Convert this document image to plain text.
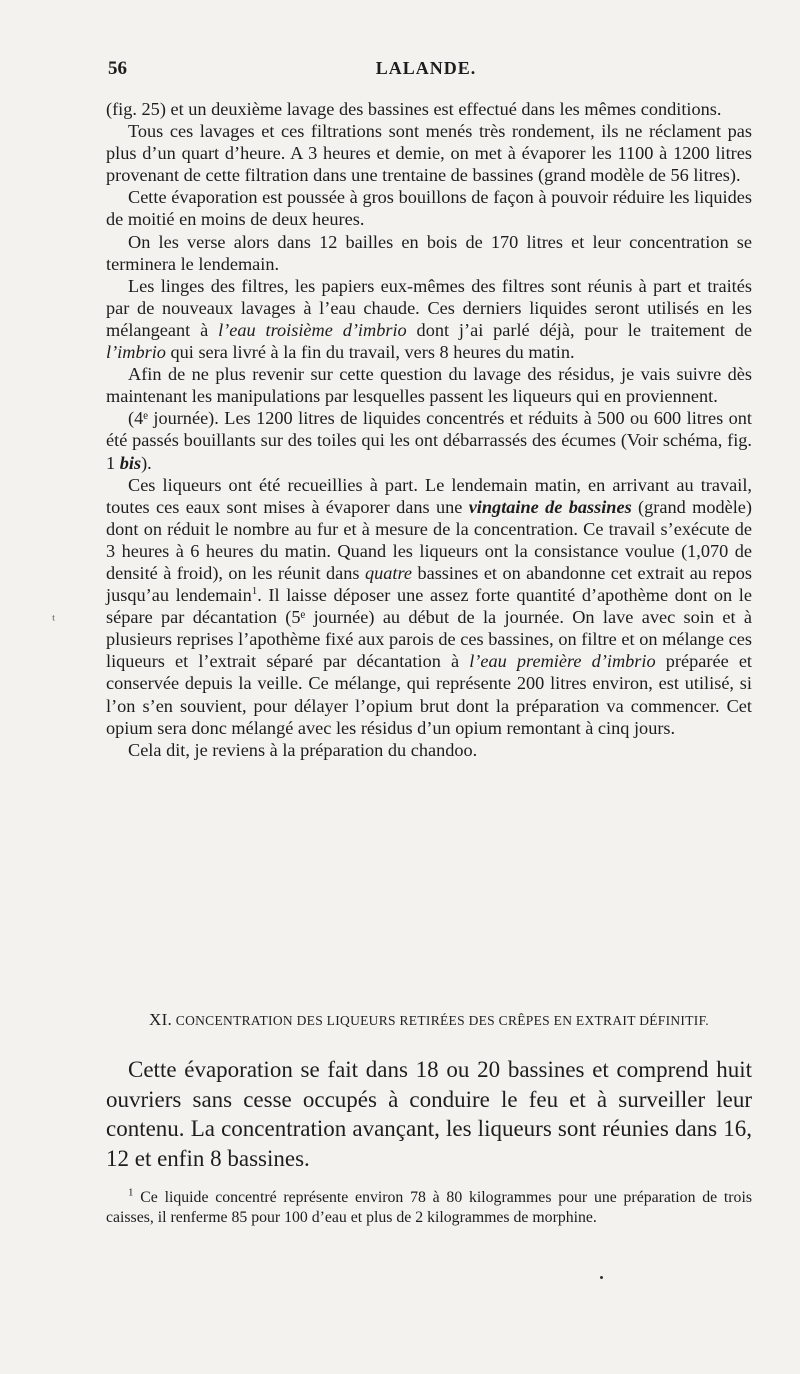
56	LALANDE.
ᵗ

(fig. 25) et un deuxième lavage des bassines est effectué dans les mêmes conditions.

Tous ces lavages et ces filtrations sont menés très rondement, ils ne réclament pas plus d’un quart d’heure. A 3 heures et demie, on met à évaporer les 1100 à 1200 litres provenant de cette filtration dans une trentaine de bassines (grand modèle de 56 litres).

Cette évaporation est poussée à gros bouillons de façon à pouvoir réduire les liquides de moitié en moins de deux heures.

On les verse alors dans 12 bailles en bois de 170 litres et leur concentration se terminera le lendemain.

Les linges des filtres, les papiers eux-mêmes des filtres sont réunis à part et traités par de nouveaux lavages à l’eau chaude. Ces derniers liquides seront utilisés en les mélangeant à l’eau troisième d’imbrio dont j’ai parlé déjà, pour le traitement de l’imbrio qui sera livré à la fin du travail, vers 8 heures du matin.

Afin de ne plus revenir sur cette question du lavage des résidus, je vais suivre dès maintenant les manipulations par lesquelles passent les liqueurs qui en proviennent.

(4ᵉ journée). Les 1200 litres de liquides concentrés et réduits à 500 ou 600 litres ont été passés bouillants sur des toiles qui les ont débarrassés des écumes (Voir schéma, fig. 1 bis).

Ces liqueurs ont été recueillies à part. Le lendemain matin, en arrivant au travail, toutes ces eaux sont mises à évaporer dans une vingtaine de bassines (grand modèle) dont on réduit le nombre au fur et à mesure de la concentration. Ce travail s’exécute de 3 heures à 6 heures du matin. Quand les liqueurs ont la consistance voulue (1,070 de densité à froid), on les réunit dans quatre bassines et on abandonne cet extrait au repos jusqu’au lendemain$^1$. Il laisse déposer une assez forte quantité d’apothème dont on le sépare par décantation (5ᵉ journée) au début de la journée. On lave avec soin et à plusieurs reprises l’apothème fixé aux parois de ces bassines, on filtre et on mélange ces liqueurs et l’extrait séparé par décantation à l’eau première d’imbrio préparée et conservée depuis la veille. Ce mélange, qui représente 200 litres environ, est utilisé, si l’on s’en souvient, pour délayer l’opium brut dont la préparation va commencer. Cet opium sera donc mélangé avec les résidus d’un opium remontant à cinq jours.

Cela dit, je reviens à la préparation du chandoo.

XI. CONCENTRATION DES LIQUEURS RETIRÉES DES CRÊPES EN EXTRAIT DÉFINITIF.

Cette évaporation se fait dans 18 ou 20 bassines et comprend huit ouvriers sans cesse occupés à conduire le feu et à surveiller leur contenu. La concentration avançant, les liqueurs sont réunies dans 16, 12 et enfin 8 bassines.

$^1$ Ce liquide concentré représente environ 78 à 80 kilogrammes pour une préparation de trois caisses, il renferme 85 pour 100 d’eau et plus de 2 kilogrammes de morphine.
